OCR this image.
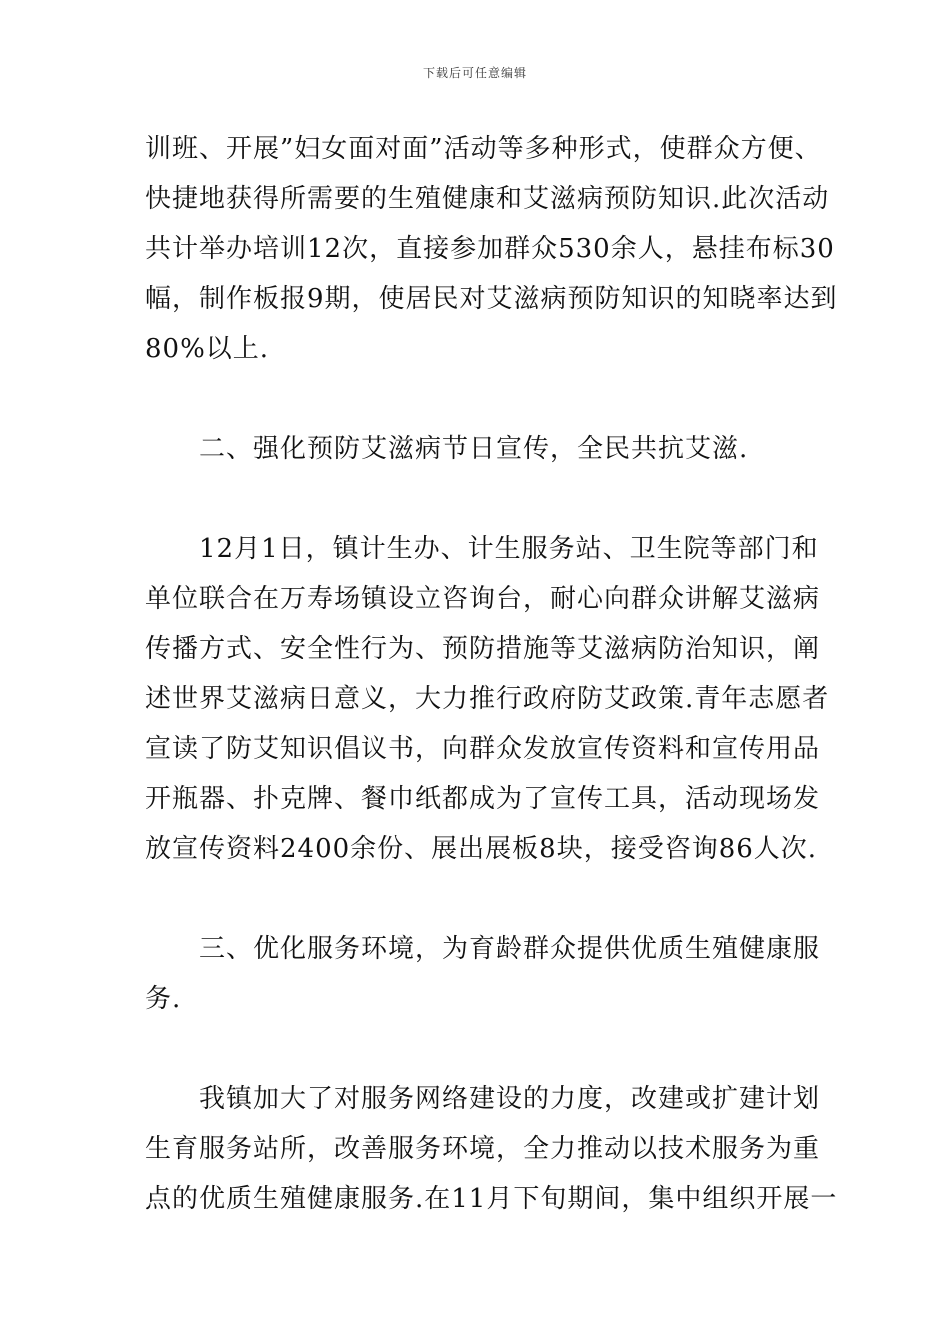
下载后可任意编辑
训班、开展”妇女面对面”活动等多种形式，使群众方便、
快捷地获得所需要的生殖健康和艾滋病预防知识.此次活动
共计举办培训12次，直接参加群众530余人，悬挂布标30
幅，制作板报9期，使居民对艾滋病预防知识的知晓率达到
80%以上.
二、强化预防艾滋病节日宣传，全民共抗艾滋.
12月1日，镇计生办、计生服务站、卫生院等部门和
单位联合在万寿场镇设立咨询台，耐心向群众讲解艾滋病
传播方式、安全性行为、预防措施等艾滋病防治知识，阐
述世界艾滋病日意义，大力推行政府防艾政策.青年志愿者
宣读了防艾知识倡议书，向群众发放宣传资料和宣传用品
开瓶器、扑克牌、餐巾纸都成为了宣传工具，活动现场发
放宣传资料2400余份、展出展板8块，接受咨询86人次.
三、优化服务环境，为育龄群众提供优质生殖健康服
务.
我镇加大了对服务网络建设的力度，改建或扩建计划
生育服务站所，改善服务环境，全力推动以技术服务为重
点的优质生殖健康服务.在11月下旬期间，集中组织开展一
